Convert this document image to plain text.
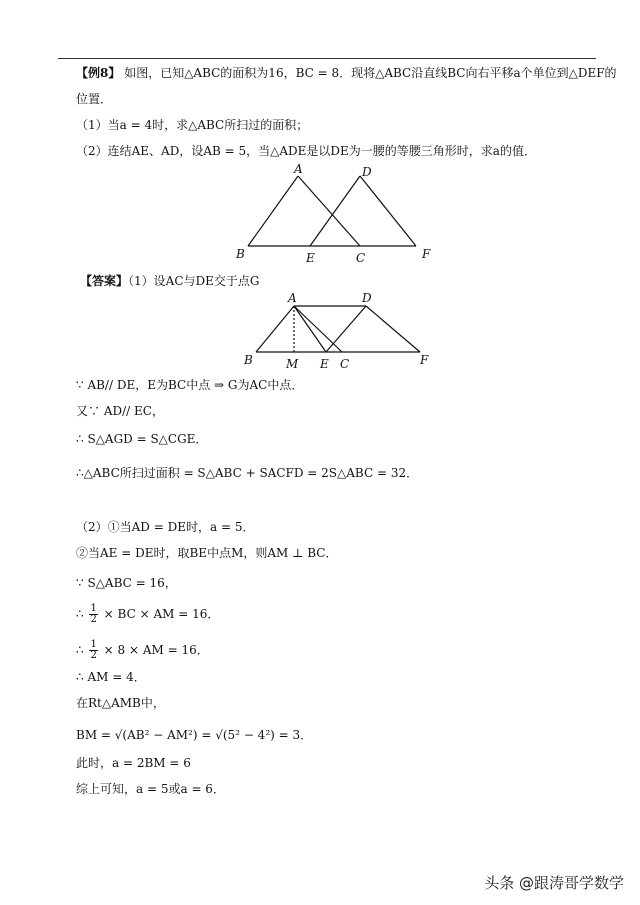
【例8】 如图，已知△ABC的面积为16，BC = 8．现将△ABC沿直线BC向右平移a个单位到△DEF的
位置．
（1）当a = 4时，求△ABC所扫过的面积；
（2）连结AE、AD，设AB = 5，当△ADE是以DE为一腰的等腰三角形时，求a的值．
A	D
B	E	C	F
【答案】（1）设AC与DE交于点G
A	D
B	M E C	F
∵ AB// DE，E为BC中点 ⇒ G为AC中点．
又∵ AD// EC，
∴ S△AGD = S△CGE．
∴△ABC所扫过面积 = S△ABC + SACFD = 2S△ABC = 32．
（2）①当AD = DE时，a = 5．
②当AE = DE时，取BE中点M，则AM ⊥ BC．
∵ S△ABC = 16，
∴ $\frac{1}{2}$ × BC × AM = 16．
∴ $\frac{1}{2} \times 8$ × AM = 16．
∴ AM = 4．
在Rt△AMB中，
BM = √(AB² − AM²) = √(5² − 4²) = 3．
此时，a = 2BM = 6
综上可知，a = 5或a = 6．
头条 @跟涛哥学数学
